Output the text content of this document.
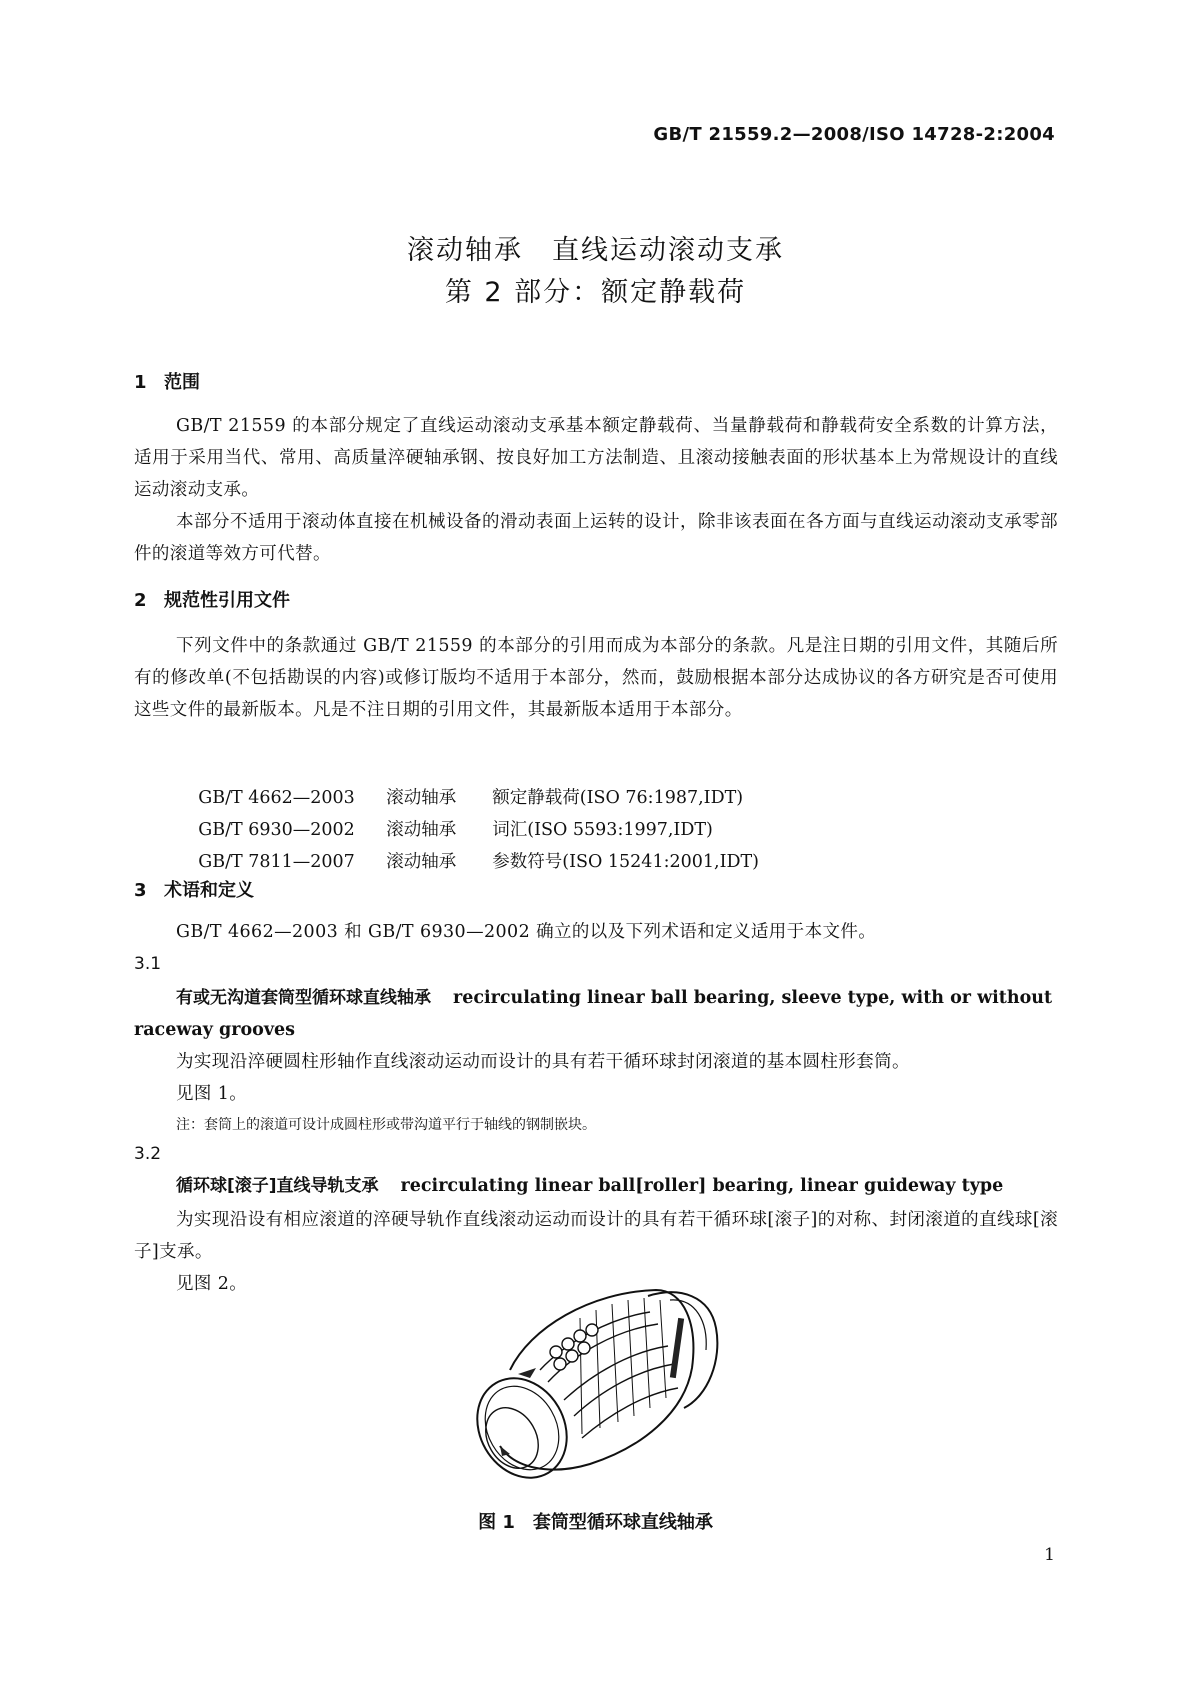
GB/T 21559.2—2008/ISO 14728-2:2004
滚动轴承　直线运动滚动支承
第 2 部分：额定静载荷
1 范围
GB/T 21559 的本部分规定了直线运动滚动支承基本额定静载荷、当量静载荷和静载荷安全系数的计算方法，适用于采用当代、常用、高质量淬硬轴承钢、按良好加工方法制造、且滚动接触表面的形状基本上为常规设计的直线运动滚动支承。
本部分不适用于滚动体直接在机械设备的滑动表面上运转的设计，除非该表面在各方面与直线运动滚动支承零部件的滚道等效方可代替。
2 规范性引用文件
下列文件中的条款通过 GB/T 21559 的本部分的引用而成为本部分的条款。凡是注日期的引用文件，其随后所有的修改单(不包括勘误的内容)或修订版均不适用于本部分，然而，鼓励根据本部分达成协议的各方研究是否可使用这些文件的最新版本。凡是不注日期的引用文件，其最新版本适用于本部分。

GB/T 4662—2003 滚动轴承 额定静载荷(ISO 76:1987,IDT)

GB/T 6930—2002 滚动轴承 词汇(ISO 5593:1997,IDT)

GB/T 7811—2007 滚动轴承 参数符号(ISO 15241:2001,IDT)

3 术语和定义
GB/T 4662—2003 和 GB/T 6930—2002 确立的以及下列术语和定义适用于本文件。
3.1
有或无沟道套筒型循环球直线轴承 recirculating linear ball bearing, sleeve type, with or without raceway grooves
为实现沿淬硬圆柱形轴作直线滚动运动而设计的具有若干循环球封闭滚道的基本圆柱形套筒。
见图 1。
注：套筒上的滚道可设计成圆柱形或带沟道平行于轴线的钢制嵌块。
3.2
循环球[滚子]直线导轨支承 recirculating linear ball[roller] bearing, linear guideway type
为实现沿设有相应滚道的淬硬导轨作直线滚动运动而设计的具有若干循环球[滚子]的对称、封闭滚道的直线球[滚子]支承。
见图 2。
图 1　套筒型循环球直线轴承
1
